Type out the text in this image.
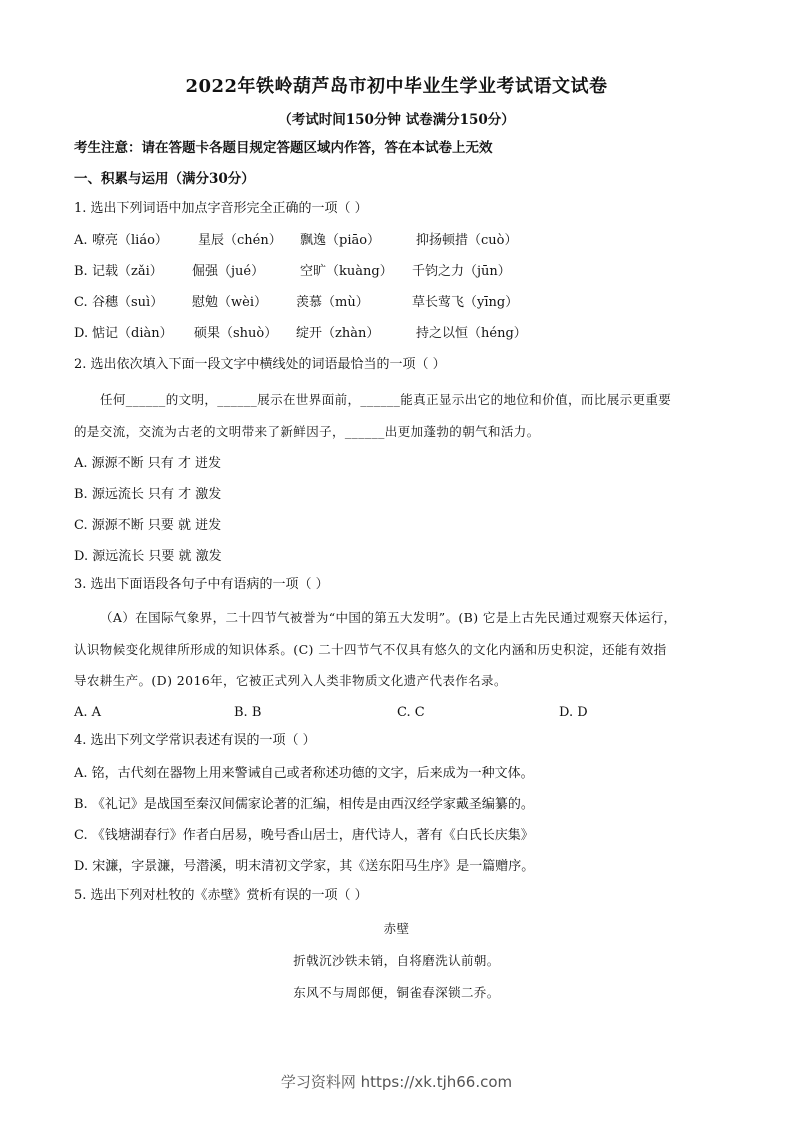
2022年铁岭葫芦岛市初中毕业生学业考试语文试卷
（考试时间150分钟 试卷满分150分）
考生注意：请在答题卡各题目规定答题区域内作答，答在本试卷上无效
一、积累与运用（满分30分）
1. 选出下列词语中加点字音形完全正确的一项（ ）
A. 嘹亮（liáo） 星辰（chén） 飘逸（piāo）	抑扬顿措（cuò）
B. 记载（zǎi） 倔强（jué）	空旷（kuàng） 千钧之力（jūn）
C. 谷穗（suì） 慰勉（wèi） 羡慕（mù）	草长莺飞（yīng）
D. 惦记（diàn） 硕果（shuò） 绽开（zhàn）	持之以恒（héng）
2. 选出依次填入下面一段文字中横线处的词语最恰当的一项（ ）
任何______的文明，______展示在世界面前，______能真正显示出它的地位和价值，而比展示更重要
的是交流，交流为古老的文明带来了新鲜因子，______出更加蓬勃的朝气和活力。
A. 源源不断 只有 才 迸发
B. 源远流长 只有 才 激发
C. 源源不断 只要 就 迸发
D. 源远流长 只要 就 激发
3. 选出下面语段各句子中有语病的一项（ ）
（A）在国际气象界，二十四节气被誉为“中国的第五大发明”。(B) 它是上古先民通过观察天体运行，
认识物候变化规律所形成的知识体系。(C) 二十四节气不仅具有悠久的文化内涵和历史积淀，还能有效指
导农耕生产。(D) 2016年，它被正式列入人类非物质文化遗产代表作名录。
A. A	B. B	C. C	D. D
4. 选出下列文学常识表述有误的一项（ ）
A. 铭，古代刻在器物上用来警诫自己或者称述功德的文字，后来成为一种文体。
B. 《礼记》是战国至秦汉间儒家论著的汇编，相传是由西汉经学家戴圣编纂的。
C. 《钱塘湖春行》作者白居易，晚号香山居士，唐代诗人，著有《白氏长庆集》
D. 宋濂，字景濂，号潜溪，明末清初文学家，其《送东阳马生序》是一篇赠序。
5. 选出下列对杜牧的《赤壁》赏析有误的一项（ ）
赤壁
折戟沉沙铁未销，自将磨洗认前朝。
东风不与周郎便，铜雀春深锁二乔。
学习资料网 https://xk.tjh66.com
